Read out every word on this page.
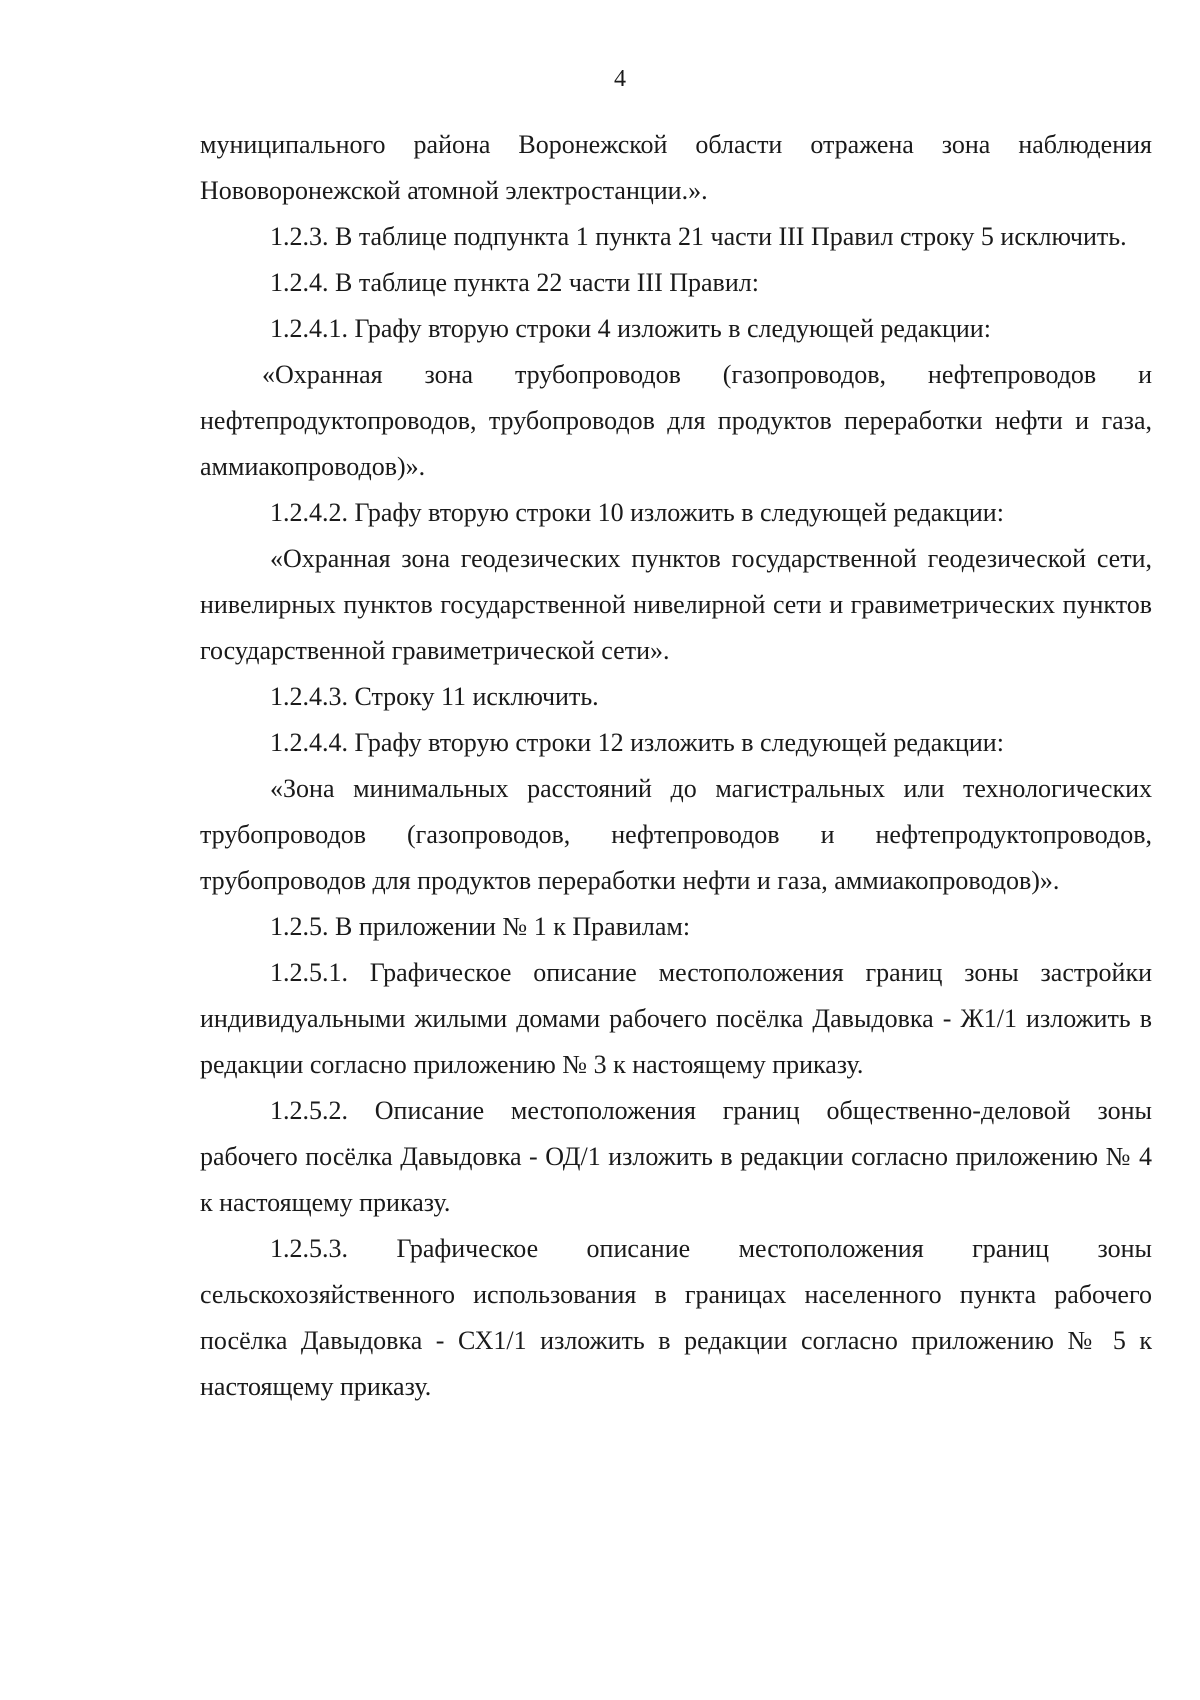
4

муниципального района Воронежской области отражена зона наблюдения Нововоронежской атомной электростанции.».

1.2.3. В таблице подпункта 1 пункта 21 части III Правил строку 5 исключить.

1.2.4. В таблице пункта 22 части III Правил:

1.2.4.1. Графу вторую строки 4 изложить в следующей редакции:

«Охранная зона трубопроводов (газопроводов, нефтепроводов и нефтепродуктопроводов, трубопроводов для продуктов переработки нефти и газа, аммиакопроводов)».

1.2.4.2. Графу вторую строки 10 изложить в следующей редакции:

«Охранная зона геодезических пунктов государственной геодезической сети, нивелирных пунктов государственной нивелирной сети и гравиметрических пунктов государственной гравиметрической сети».

1.2.4.3. Строку 11 исключить.

1.2.4.4. Графу вторую строки 12 изложить в следующей редакции:

«Зона минимальных расстояний до магистральных или технологических трубопроводов (газопроводов, нефтепроводов и нефтепродуктопроводов, трубопроводов для продуктов переработки нефти и газа, аммиакопроводов)».

1.2.5. В приложении № 1 к Правилам:

1.2.5.1. Графическое описание местоположения границ зоны застройки индивидуальными жилыми домами рабочего посёлка Давыдовка - Ж1/1 изложить в редакции согласно приложению № 3 к настоящему приказу.

1.2.5.2. Описание местоположения границ общественно-деловой зоны рабочего посёлка Давыдовка - ОД/1 изложить в редакции согласно приложению № 4 к настоящему приказу.

1.2.5.3. Графическое описание местоположения границ зоны сельскохозяйственного использования в границах населенного пункта рабочего посёлка Давыдовка - СХ1/1 изложить в редакции согласно приложению № 5 к настоящему приказу.
